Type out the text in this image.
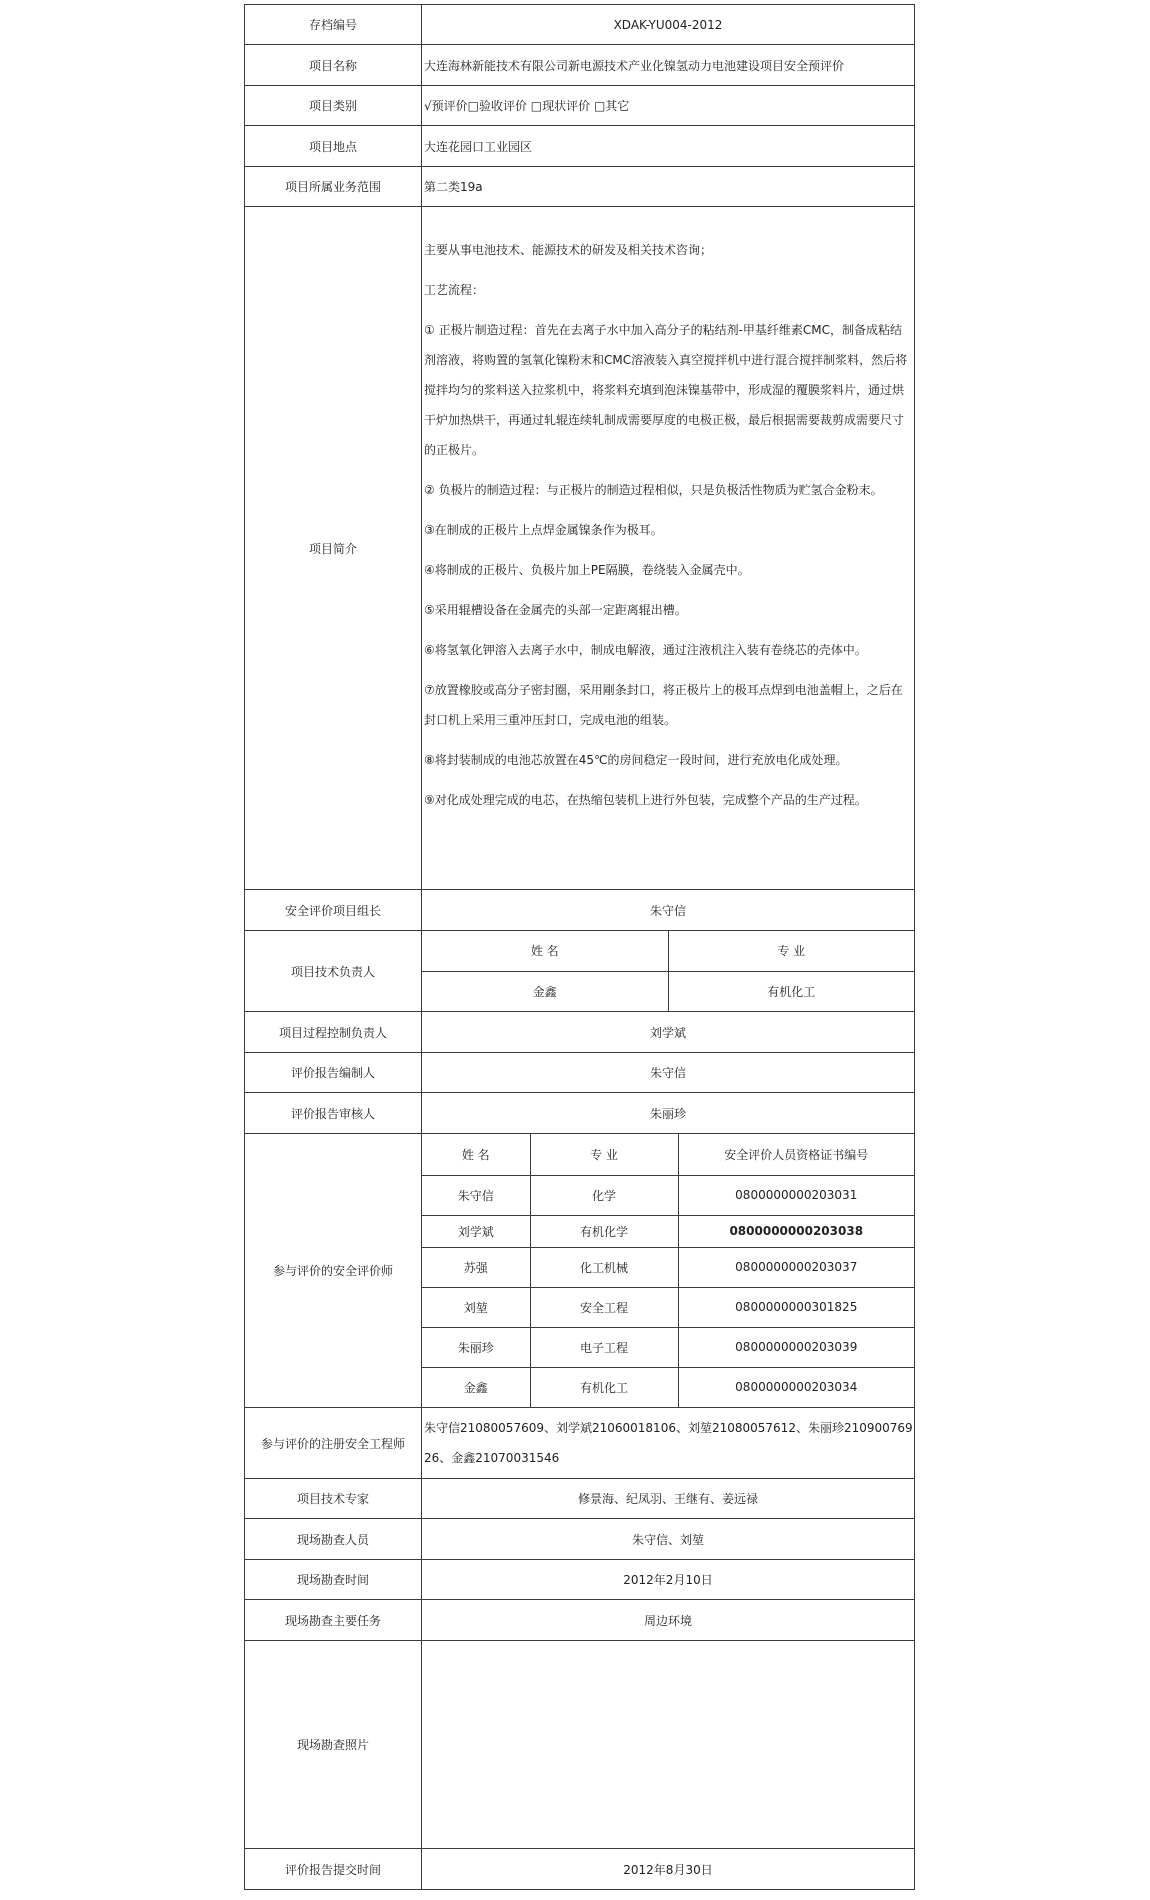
存档编号	XDAK-YU004-2012
项目名称	大连海林新能技术有限公司新电源技术产业化镍氢动力电池建设项目安全预评价
项目类别	√预评价□验收评价 □现状评价 □其它
项目地点	大连花园口工业园区
项目所属业务范围	第二类19a
项目简介	

主要从事电池技术、能源技术的研发及相关技术咨询；

工艺流程：

① 正极片制造过程：首先在去离子水中加入高分子的粘结剂-甲基纤维素CMC，制备成粘结剂溶液，将购置的氢氧化镍粉末和CMC溶液装入真空搅拌机中进行混合搅拌制浆料，然后将搅拌均匀的浆料送入拉浆机中，将浆料充填到泡沫镍基带中，形成湿的覆膜浆料片，通过烘干炉加热烘干，再通过轧辊连续轧制成需要厚度的电极正极，最后根据需要裁剪成需要尺寸的正极片。

② 负极片的制造过程：与正极片的制造过程相似，只是负极活性物质为贮氢合金粉末。

③在制成的正极片上点焊金属镍条作为极耳。

④将制成的正极片、负极片加上PE隔膜，卷绕装入金属壳中。

⑤采用辊槽设备在金属壳的头部一定距离辊出槽。

⑥将氢氧化钾溶入去离子水中，制成电解液，通过注液机注入装有卷绕芯的壳体中。

⑦放置橡胶或高分子密封圈，采用剛条封口，将正极片上的极耳点焊到电池盖帽上，之后在封口机上采用三重冲压封口，完成电池的组装。

⑧将封装制成的电池芯放置在45℃的房间稳定一段时间，进行充放电化成处理。

⑨对化成处理完成的电芯，在热缩包装机上进行外包装，完成整个产品的生产过程。

安全评价项目组长	朱守信
项目技术负责人	
姓 名	专 业
金鑫	有机化工

项目过程控制负责人	刘学斌
评价报告编制人	朱守信
评价报告审核人	朱丽珍
参与评价的安全评价师	
姓 名	专 业	安全评价人员资格证书编号
朱守信	化学	0800000000203031
刘学斌	有机化学	0800000000203038
苏强	化工机械	0800000000203037
刘堃	安全工程	0800000000301825
朱丽珍	电子工程	0800000000203039
金鑫	有机化工	0800000000203034

参与评价的注册安全工程师	朱守信21080057609、刘学斌21060018106、刘堃21080057612、朱丽珍21090076926、金鑫21070031546
项目技术专家	修景海、纪凤羽、王继有、姜远禄
现场勘查人员	朱守信、刘堃
现场勘查时间	2012年2月10日
现场勘查主要任务	周边环境
现场勘查照片	
评价报告提交时间	2012年8月30日
